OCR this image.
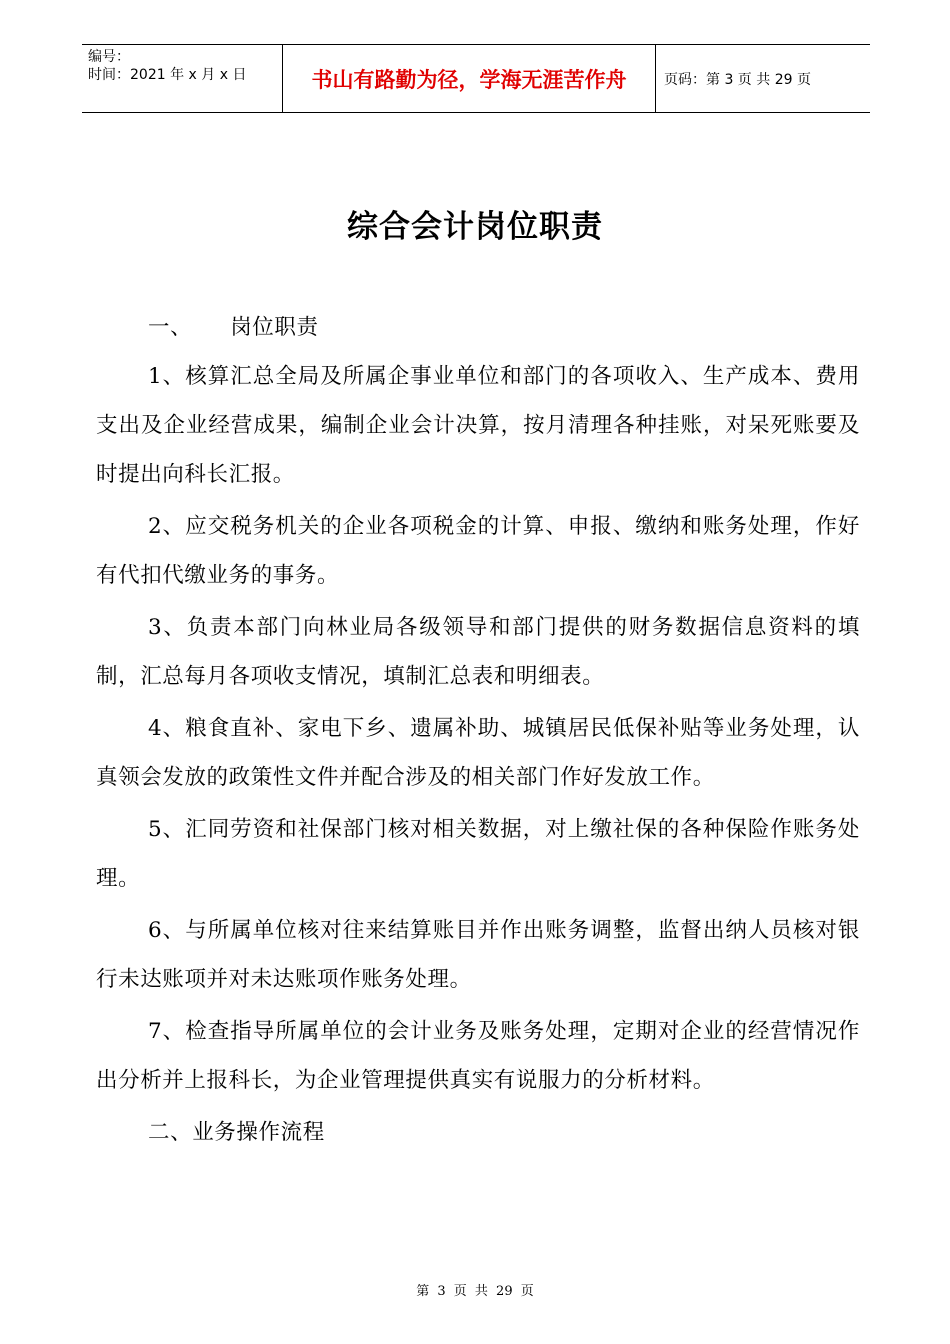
编号：
时间：2021 年 x 月 x 日	书山有路勤为径，学海无涯苦作舟	页码：第 3 页 共 29 页
综合会计岗位职责

一、 岗位职责

1、核算汇总全局及所属企事业单位和部门的各项收入、生产成本、费用支出及企业经营成果，编制企业会计决算，按月清理各种挂账，对呆死账要及时提出向科长汇报。

2、应交税务机关的企业各项税金的计算、申报、缴纳和账务处理，作好有代扣代缴业务的事务。

3、负责本部门向林业局各级领导和部门提供的财务数据信息资料的填制，汇总每月各项收支情况，填制汇总表和明细表。

4、粮食直补、家电下乡、遗属补助、城镇居民低保补贴等业务处理，认真领会发放的政策性文件并配合涉及的相关部门作好发放工作。

5、汇同劳资和社保部门核对相关数据，对上缴社保的各种保险作账务处理。

6、与所属单位核对往来结算账目并作出账务调整，监督出纳人员核对银行未达账项并对未达账项作账务处理。

7、检查指导所属单位的会计业务及账务处理，定期对企业的经营情况作出分析并上报科长，为企业管理提供真实有说服力的分析材料。

二、业务操作流程

第 3 页 共 29 页
